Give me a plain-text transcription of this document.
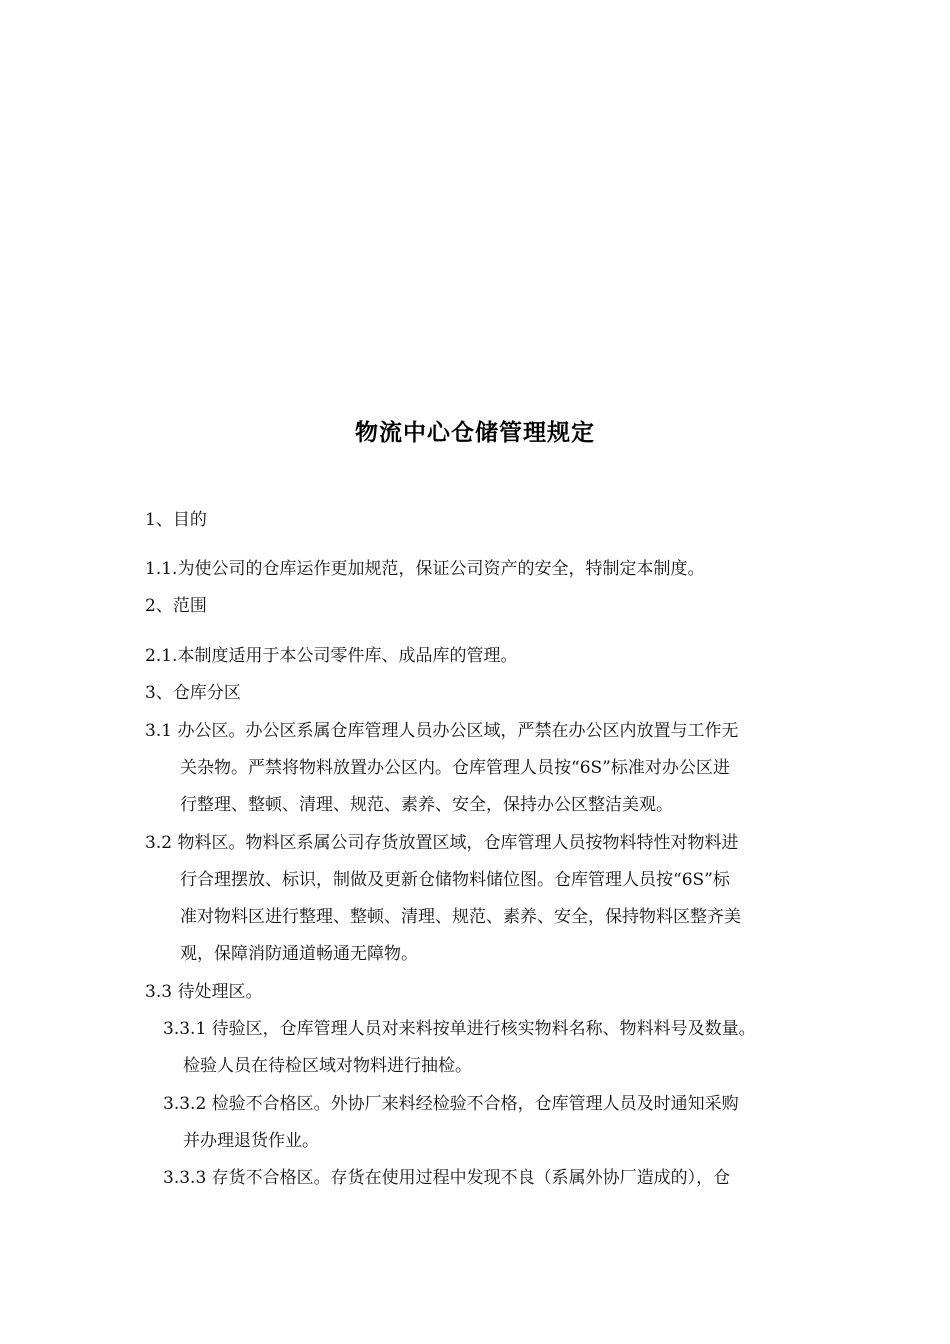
物流中心仓储管理规定
1、目的
1.1.为使公司的仓库运作更加规范，保证公司资产的安全，特制定本制度。
2、范围
2.1.本制度适用于本公司零件库、成品库的管理。
3、仓库分区
3.1 办公区。办公区系属仓库管理人员办公区域，严禁在办公区内放置与工作无
关杂物。严禁将物料放置办公区内。仓库管理人员按“6S”标准对办公区进
行整理、整顿、清理、规范、素养、安全，保持办公区整洁美观。
3.2 物料区。物料区系属公司存货放置区域，仓库管理人员按物料特性对物料进
行合理摆放、标识，制做及更新仓储物料储位图。仓库管理人员按“6S”标
准对物料区进行整理、整顿、清理、规范、素养、安全，保持物料区整齐美
观，保障消防通道畅通无障物。
3.3 待处理区。
3.3.1 待验区，仓库管理人员对来料按单进行核实物料名称、物料料号及数量。
检验人员在待检区域对物料进行抽检。
3.3.2 检验不合格区。外协厂来料经检验不合格，仓库管理人员及时通知采购
并办理退货作业。
3.3.3 存货不合格区。存货在使用过程中发现不良（系属外协厂造成的），仓
